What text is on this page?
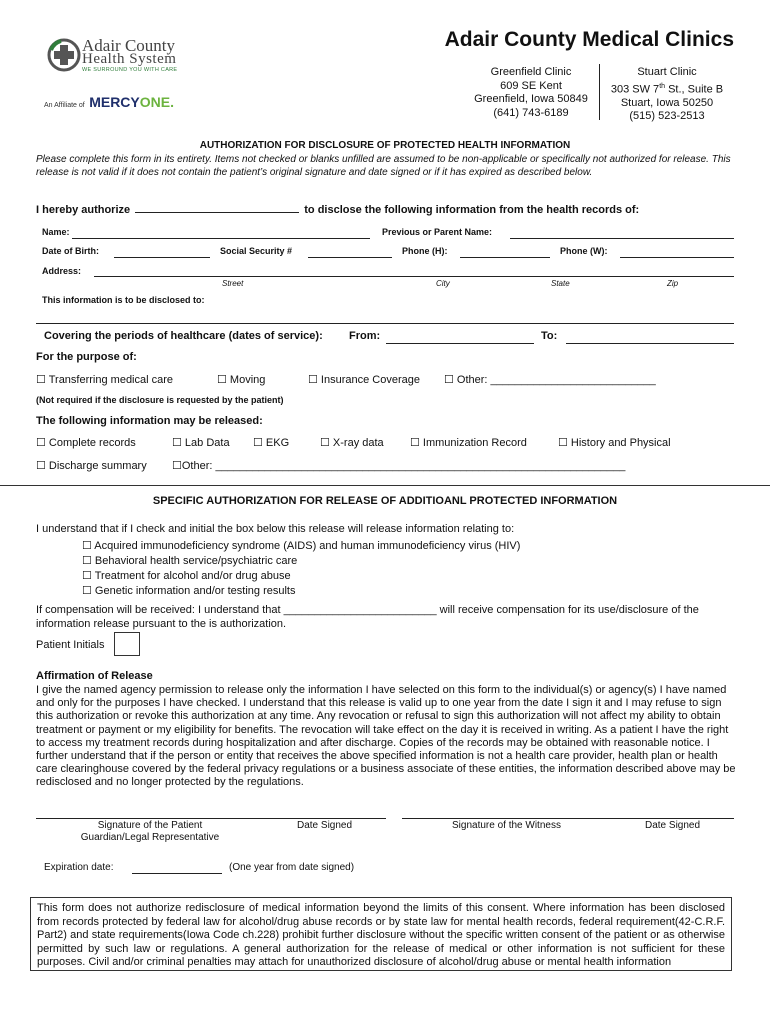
Adair County
Health System
WE SURROUND YOU WITH CARE
An Affiliate of MERCYONE.
Adair County Medical Clinics
Greenfield Clinic
609 SE Kent
Greenfield, Iowa 50849
(641) 743-6189
Stuart Clinic
303 SW 7th St., Suite B
Stuart, Iowa 50250
(515) 523-2513
AUTHORIZATION FOR DISCLOSURE OF PROTECTED HEALTH INFORMATION
Please complete this form in its entirety. Items not checked or blanks unfilled are assumed to be non-applicable or specifically not authorized for release. This release is not valid if it does not contain the patient’s original signature and date signed or if it has expired as described below.
I hereby authorize	to disclose the following information from the health records of:
Name:	Previous or Parent Name:
Date of Birth:	Social Security #	Phone (H):	Phone (W):
Address:
Street	City	State	Zip
This information is to be disclosed to:
Covering the periods of healthcare (dates of service): From:	To:
For the purpose of:
☐ Transferring medical care	☐ Moving	☐ Insurance Coverage ☐ Other: ___________________________
(Not required if the disclosure is requested by the patient)
The following information may be released:
☐ Complete records	☐ Lab Data ☐ EKG	☐ X-ray data ☐ Immunization Record	☐ History and Physical
☐ Discharge summary ☐Other: ___________________________________________________________________
SPECIFIC AUTHORIZATION FOR RELEASE OF ADDITIOANL PROTECTED INFORMATION
I understand that if I check and initial the box below this release will release information relating to:
☐ Acquired immunodeficiency syndrome (AIDS) and human immunodeficiency virus (HIV)
☐ Behavioral health service/psychiatric care
☐ Treatment for alcohol and/or drug abuse
☐ Genetic information and/or testing results
If compensation will be received: I understand that _________________________ will receive compensation for its use/disclosure of the
information release pursuant to the is authorization.
Patient Initials
Affirmation of Release
I give the named agency permission to release only the information I have selected on this form to the individual(s) or agency(s) I have named and only for the purposes I have checked. I understand that this release is valid up to one year from the date I sign it and I may refuse to sign this authorization or revoke this authorization at any time. Any revocation or refusal to sign this authorization will not affect my ability to obtain treatment or payment or my eligibility for benefits. The revocation will take effect on the day it is received in writing. As a patient I have the right to access my treatment records during hospitalization and after discharge. Copies of the records may be obtained with reasonable notice. I further understand that if the person or entity that receives the above specified information is not a health care provider, health plan or health care clearinghouse covered by the federal privacy regulations or a business associate of these entities, the information described above may be redisclosed and no longer protected by the regulations.
Signature of the Patient
Guardian/Legal Representative
Date Signed	Signature of the Witness	Date Signed
Expiration date:	(One year from date signed)
This form does not authorize redisclosure of medical information beyond the limits of this consent. Where information has been disclosed from records protected by federal law for alcohol/drug abuse records or by state law for mental health records, federal requirement(42-C.R.F. Part2) and state requirements(Iowa Code ch.228) prohibit further disclosure without the specific written consent of the patient or as otherwise permitted by such law or regulations. A general authorization for the release of medical or other information is not sufficient for these purposes. Civil and/or criminal penalties may attach for unauthorized disclosure of alcohol/drug abuse or mental health information
